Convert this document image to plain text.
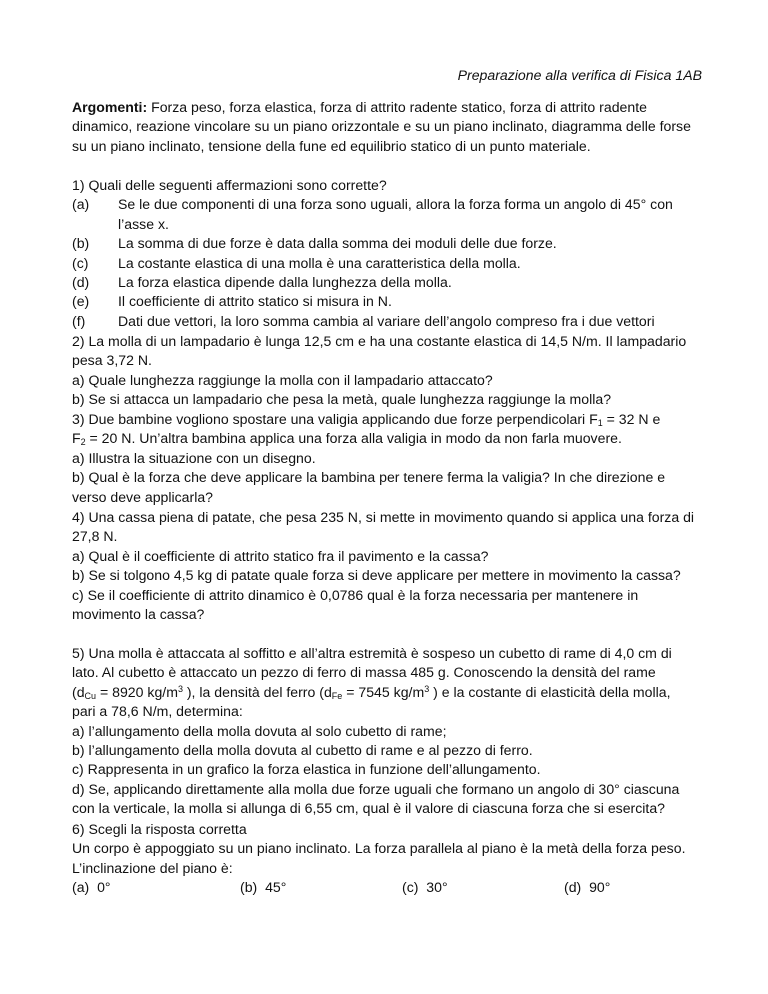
Preparazione alla verifica di Fisica 1AB

Argomenti: Forza peso, forza elastica, forza di attrito radente statico, forza di attrito radente dinamico, reazione vincolare su un piano orizzontale e su un piano inclinato, diagramma delle forse su un piano inclinato, tensione della fune ed equilibrio statico di un punto materiale.

1) Quali delle seguenti affermazioni sono corrette?

(a)	Se le due componenti di una forza sono uguali, allora la forza forma un angolo di 45° con l’asse x.
(b)	La somma di due forze è data dalla somma dei moduli delle due forze.
(c)	La costante elastica di una molla è una caratteristica della molla.
(d)	La forza elastica dipende dalla lunghezza della molla.
(e)	Il coefficiente di attrito statico si misura in N.
(f)	Dati due vettori, la loro somma cambia al variare dell’angolo compreso fra i due vettori

2) La molla di un lampadario è lunga 12,5 cm e ha una costante elastica di 14,5 N/m. Il lampadario pesa 3,72 N.

a) Quale lunghezza raggiunge la molla con il lampadario attaccato?

b) Se si attacca un lampadario che pesa la metà, quale lunghezza raggiunge la molla?

3) Due bambine vogliono spostare una valigia applicando due forze perpendicolari $F_1 = 32$ N e

$F_2 = 20$ N. Un’altra bambina applica una forza alla valigia in modo da non farla muovere.

a) Illustra la situazione con un disegno.

b) Qual è la forza che deve applicare la bambina per tenere ferma la valigia? In che direzione e verso deve applicarla?

4) Una cassa piena di patate, che pesa 235 N, si mette in movimento quando si applica una forza di 27,8 N.

a) Qual è il coefficiente di attrito statico fra il pavimento e la cassa?

b) Se si tolgono 4,5 kg di patate quale forza si deve applicare per mettere in movimento la cassa?

c) Se il coefficiente di attrito dinamico è 0,0786 qual è la forza necessaria per mantenere in movimento la cassa?

5) Una molla è attaccata al soffitto e all’altra estremità è sospeso un cubetto di rame di 4,0 cm di

lato. Al cubetto è attaccato un pezzo di ferro di massa 485 g. Conoscendo la densità del rame

($d_{Cu} = 8920$ $kg/m^3$ ), la densità del ferro ($d_{Fe} = 7545$ $kg/m^3$ ) e la costante di elasticità della molla,

pari a 78,6 N/m, determina:

a) l’allungamento della molla dovuta al solo cubetto di rame;

b) l’allungamento della molla dovuta al cubetto di rame e al pezzo di ferro.

c) Rappresenta in un grafico la forza elastica in funzione dell’allungamento.

d) Se, applicando direttamente alla molla due forze uguali che formano un angolo di 30° ciascuna con la verticale, la molla si allunga di 6,55 cm, qual è il valore di ciascuna forza che si esercita?

6) Scegli la risposta corretta

Un corpo è appoggiato su un piano inclinato. La forza parallela al piano è la metà della forza peso. L’inclinazione del piano è:

(a) 0°	(b) 45°	(c) 30°	(d) 90°
